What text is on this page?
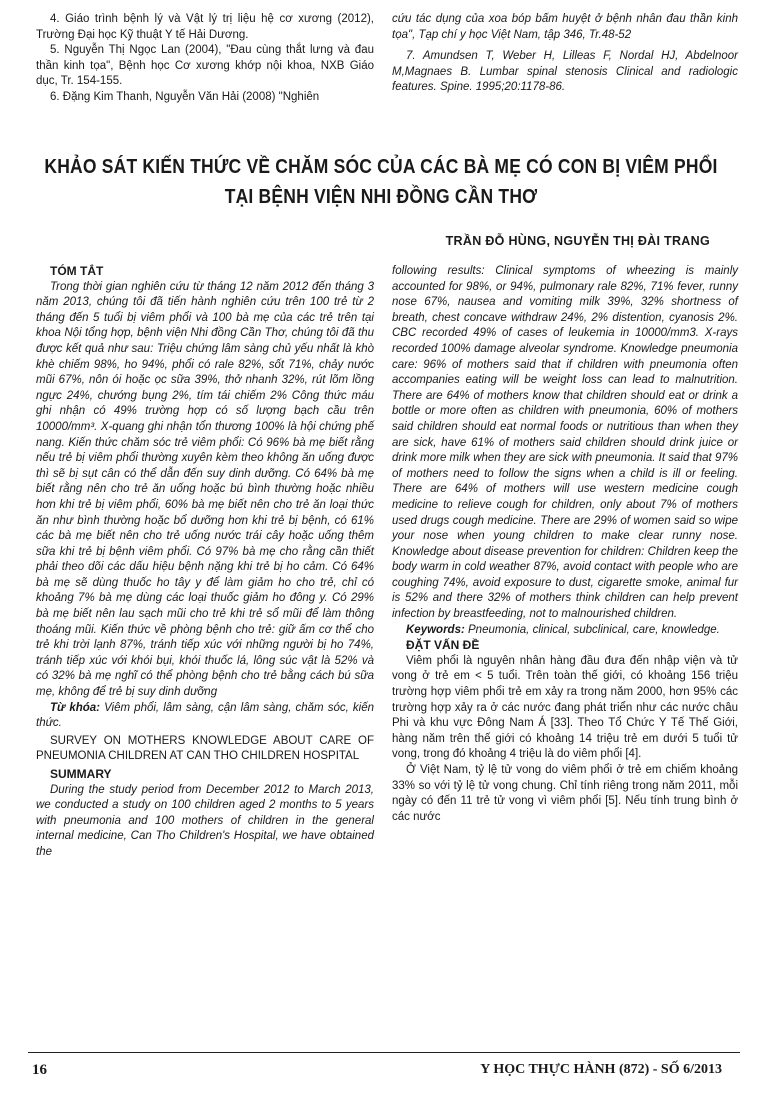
4. Giáo trình bệnh lý và Vật lý trị liệu hệ cơ xương (2012), Trường Đại học Kỹ thuật Y tế Hải Dương.

5. Nguyễn Thị Ngọc Lan (2004), "Đau cùng thắt lưng và đau thần kinh tọa", Bệnh học Cơ xương khớp nội khoa, NXB Giáo dục, Tr. 154-155.

6. Đặng Kim Thanh, Nguyễn Văn Hải (2008) "Nghiên

cứu tác dụng của xoa bóp bấm huyệt ở bệnh nhân đau thần kinh tọa", Tạp chí y học Việt Nam, tập 346, Tr.48-52

7. Amundsen T, Weber H, Lilleas F, Nordal HJ, Abdelnoor M,Magnaes B. Lumbar spinal stenosis Clinical and radiologic features. Spine. 1995;20:1178-86.

KHẢO SÁT KIẾN THỨC VỀ CHĂM SÓC CỦA CÁC BÀ MẸ CÓ CON BỊ VIÊM PHỔI
TẠI BỆNH VIỆN NHI ĐỒNG CẦN THƠ
TRẦN ĐỖ HÙNG, NGUYỄN THỊ ĐÀI TRANG

TÓM TẮT

Trong thời gian nghiên cứu từ tháng 12 năm 2012 đến tháng 3 năm 2013, chúng tôi đã tiến hành nghiên cứu trên 100 trẻ từ 2 tháng đến 5 tuổi bị viêm phổi và 100 bà mẹ của các trẻ trên tại khoa Nội tổng hợp, bệnh viện Nhi đồng Cần Thơ, chúng tôi đã thu được kết quả như sau: Triệu chứng lâm sàng chủ yếu nhất là khò khè chiếm 98%, ho 94%, phổi có rale 82%, sốt 71%, chảy nước mũi 67%, nôn ói hoặc ọc sữa 39%, thở nhanh 32%, rút lõm lồng ngực 24%, chướng bụng 2%, tím tái chiếm 2% Công thức máu ghi nhận có 49% trường hợp có số lượng bạch cầu trên 10000/mm³. X-quang ghi nhận tổn thương 100% là hội chứng phế nang. Kiến thức chăm sóc trẻ viêm phổi: Có 96% bà mẹ biết rằng nếu trẻ bị viêm phổi thường xuyên kèm theo không ăn uống được thì sẽ bị sụt cân có thể dẫn đến suy dinh dưỡng. Có 64% bà mẹ biết rằng nên cho trẻ ăn uống hoặc bú bình thường hoặc nhiều hơn khi trẻ bị viêm phổi, 60% bà mẹ biết nên cho trẻ ăn loại thức ăn như bình thường hoặc bổ dưỡng hơn khi trẻ bị bệnh, có 61% các bà mẹ biết nên cho trẻ uống nước trái cây hoặc uống thêm sữa khi trẻ bị bệnh viêm phổi. Có 97% bà mẹ cho rằng cần thiết phải theo dõi các dấu hiệu bệnh nặng khi trẻ bị ho cảm. Có 64% bà mẹ sẽ dùng thuốc ho tây y để làm giảm ho cho trẻ, chỉ có khoảng 7% bà mẹ dùng các loại thuốc giảm ho đông y. Có 29% bà mẹ biết nên lau sạch mũi cho trẻ khi trẻ sổ mũi để làm thông thoáng mũi. Kiến thức về phòng bệnh cho trẻ: giữ ấm cơ thể cho trẻ khi trời lạnh 87%, tránh tiếp xúc với những người bị ho 74%, tránh tiếp xúc với khói bụi, khói thuốc lá, lông súc vật là 52% và có 32% bà mẹ nghĩ có thể phòng bệnh cho trẻ bằng cách bú sữa mẹ, không để trẻ bị suy dinh dưỡng

Từ khóa: Viêm phổi, lâm sàng, cận lâm sàng, chăm sóc, kiến thức.

SURVEY ON MOTHERS KNOWLEDGE ABOUT CARE OF PNEUMONIA CHILDREN AT CAN THO CHILDREN HOSPITAL

SUMMARY

During the study period from December 2012 to March 2013, we conducted a study on 100 children aged 2 months to 5 years with pneumonia and 100 mothers of children in the general internal medicine, Can Tho Children's Hospital, we have obtained the

following results: Clinical symptoms of wheezing is mainly accounted for 98%, or 94%, pulmonary rale 82%, 71% fever, runny nose 67%, nausea and vomiting milk 39%, 32% shortness of breath, chest concave withdraw 24%, 2% distention, cyanosis 2%. CBC recorded 49% of cases of leukemia in 10000/mm3. X-rays recorded 100% damage alveolar syndrome. Knowledge pneumonia care: 96% of mothers said that if children with pneumonia often accompanies eating will be weight loss can lead to malnutrition. There are 64% of mothers know that children should eat or drink a bottle or more often as children with pneumonia, 60% of mothers said children should eat normal foods or nutritious than when they are sick, have 61% of mothers said children should drink juice or drink more milk when they are sick with pneumonia. It said that 97% of mothers need to follow the signs when a child is ill or feeling. There are 64% of mothers will use western medicine cough medicine to relieve cough for children, only about 7% of mothers used drugs cough medicine. There are 29% of women said so wipe your nose when young children to make clear runny nose. Knowledge about disease prevention for children: Children keep the body warm in cold weather 87%, avoid contact with people who are coughing 74%, avoid exposure to dust, cigarette smoke, animal fur is 52% and there 32% of mothers think children can help prevent infection by breastfeeding, not to malnourished children.

Keywords: Pneumonia, clinical, subclinical, care, knowledge.

ĐẶT VẤN ĐỀ

Viêm phổi là nguyên nhân hàng đầu đưa đến nhập viện và tử vong ở trẻ em < 5 tuổi. Trên toàn thế giới, có khoảng 156 triệu trường hợp viêm phổi trẻ em xảy ra trong năm 2000, hơn 95% các trường hợp xảy ra ở các nước đang phát triển như các nước châu Phi và khu vực Đông Nam Á [33]. Theo Tổ Chức Y Tế Thế Giới, hàng năm trên thế giới có khoảng 14 triệu trẻ em dưới 5 tuổi tử vong, trong đó khoảng 4 triệu là do viêm phổi [4].

Ở Việt Nam, tỷ lệ tử vong do viêm phổi ở trẻ em chiếm khoảng 33% so với tỷ lệ tử vong chung. Chỉ tính riêng trong năm 2011, mỗi ngày có đến 11 trẻ tử vong vì viêm phổi [5]. Nếu tính trung bình ở các nước

16	Y HỌC THỰC HÀNH (872) - SỐ 6/2013
